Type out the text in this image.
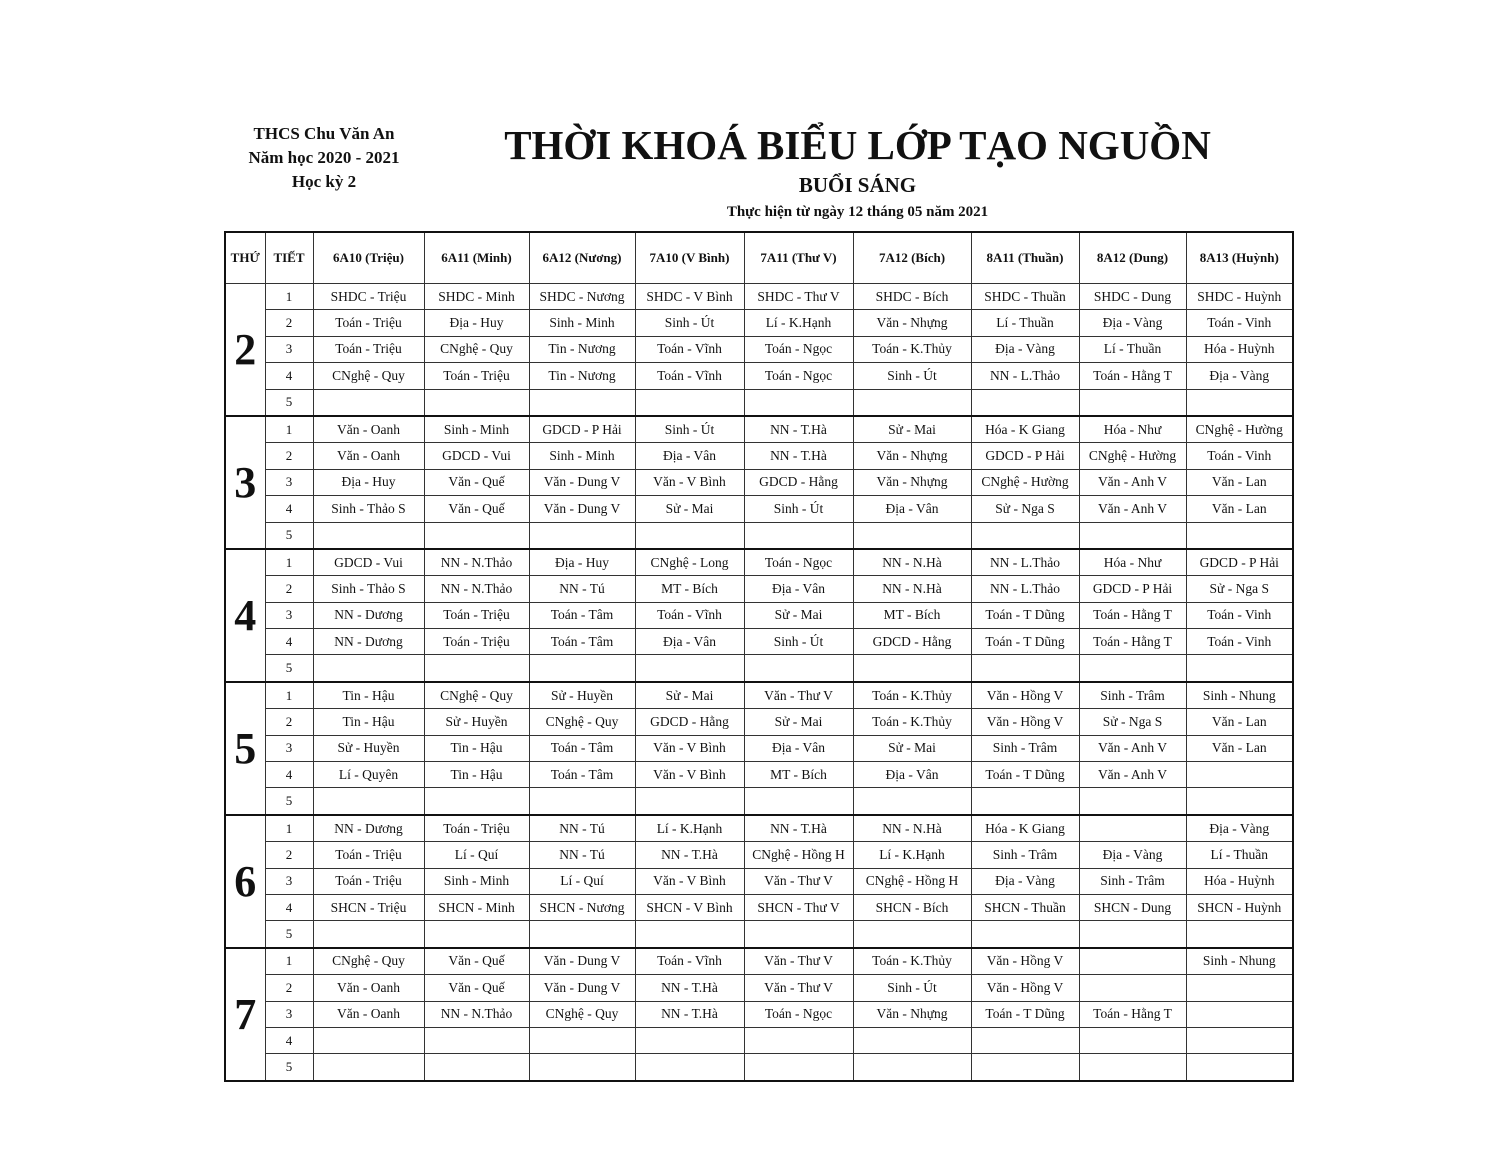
THCS Chu Văn An
Năm học 2020 - 2021
Học kỳ 2
THỜI KHOÁ BIỂU LỚP TẠO NGUỒN
BUỔI SÁNG
Thực hiện từ ngày 12 tháng 05 năm 2021
THỨ	TIẾT	6A10 (Triệu)	6A11 (Minh)	6A12 (Nương)	7A10 (V Bình)	7A11 (Thư V)	7A12 (Bích)	8A11 (Thuần)	8A12 (Dung)	8A13 (Huỳnh)
2	1	SHDC - Triệu	SHDC - Minh	SHDC - Nương	SHDC - V Bình	SHDC - Thư V	SHDC - Bích	SHDC - Thuần	SHDC - Dung	SHDC - Huỳnh
	2	Toán - Triệu	Địa - Huy	Sinh - Minh	Sinh - Út	Lí - K.Hạnh	Văn - Nhựng	Lí - Thuần	Địa - Vàng	Toán - Vinh
	3	Toán - Triệu	CNghệ - Quy	Tin - Nương	Toán - Vĩnh	Toán - Ngọc	Toán - K.Thủy	Địa - Vàng	Lí - Thuần	Hóa - Huỳnh
	4	CNghệ - Quy	Toán - Triệu	Tin - Nương	Toán - Vĩnh	Toán - Ngọc	Sinh - Út	NN - L.Thảo	Toán - Hằng T	Địa - Vàng
	5									
3	1	Văn - Oanh	Sinh - Minh	GDCD - P Hải	Sinh - Út	NN - T.Hà	Sử - Mai	Hóa - K Giang	Hóa - Như	CNghệ - Hường
	2	Văn - Oanh	GDCD - Vui	Sinh - Minh	Địa - Vân	NN - T.Hà	Văn - Nhựng	GDCD - P Hải	CNghệ - Hường	Toán - Vinh
	3	Địa - Huy	Văn - Quế	Văn - Dung V	Văn - V Bình	GDCD - Hằng	Văn - Nhựng	CNghệ - Hường	Văn - Anh V	Văn - Lan
	4	Sinh - Thảo S	Văn - Quế	Văn - Dung V	Sử - Mai	Sinh - Út	Địa - Vân	Sử - Nga S	Văn - Anh V	Văn - Lan
	5									
4	1	GDCD - Vui	NN - N.Thảo	Địa - Huy	CNghệ - Long	Toán - Ngọc	NN - N.Hà	NN - L.Thảo	Hóa - Như	GDCD - P Hải
	2	Sinh - Thảo S	NN - N.Thảo	NN - Tú	MT - Bích	Địa - Vân	NN - N.Hà	NN - L.Thảo	GDCD - P Hải	Sử - Nga S
	3	NN - Dương	Toán - Triệu	Toán - Tâm	Toán - Vĩnh	Sử - Mai	MT - Bích	Toán - T Dũng	Toán - Hằng T	Toán - Vinh
	4	NN - Dương	Toán - Triệu	Toán - Tâm	Địa - Vân	Sinh - Út	GDCD - Hằng	Toán - T Dũng	Toán - Hằng T	Toán - Vinh
	5									
5	1	Tin - Hậu	CNghệ - Quy	Sử - Huyền	Sử - Mai	Văn - Thư V	Toán - K.Thủy	Văn - Hồng V	Sinh - Trâm	Sinh - Nhung
	2	Tin - Hậu	Sử - Huyền	CNghệ - Quy	GDCD - Hằng	Sử - Mai	Toán - K.Thủy	Văn - Hồng V	Sử - Nga S	Văn - Lan
	3	Sử - Huyền	Tin - Hậu	Toán - Tâm	Văn - V Bình	Địa - Vân	Sử - Mai	Sinh - Trâm	Văn - Anh V	Văn - Lan
	4	Lí - Quyên	Tin - Hậu	Toán - Tâm	Văn - V Bình	MT - Bích	Địa - Vân	Toán - T Dũng	Văn - Anh V	
	5									
6	1	NN - Dương	Toán - Triệu	NN - Tú	Lí - K.Hạnh	NN - T.Hà	NN - N.Hà	Hóa - K Giang		Địa - Vàng
	2	Toán - Triệu	Lí - Quí	NN - Tú	NN - T.Hà	CNghệ - Hồng H	Lí - K.Hạnh	Sinh - Trâm	Địa - Vàng	Lí - Thuần
	3	Toán - Triệu	Sinh - Minh	Lí - Quí	Văn - V Bình	Văn - Thư V	CNghệ - Hồng H	Địa - Vàng	Sinh - Trâm	Hóa - Huỳnh
	4	SHCN - Triệu	SHCN - Minh	SHCN - Nương	SHCN - V Bình	SHCN - Thư V	SHCN - Bích	SHCN - Thuần	SHCN - Dung	SHCN - Huỳnh
	5									
7	1	CNghệ - Quy	Văn - Quế	Văn - Dung V	Toán - Vĩnh	Văn - Thư V	Toán - K.Thủy	Văn - Hồng V		Sinh - Nhung
	2	Văn - Oanh	Văn - Quế	Văn - Dung V	NN - T.Hà	Văn - Thư V	Sinh - Út	Văn - Hồng V		
	3	Văn - Oanh	NN - N.Thảo	CNghệ - Quy	NN - T.Hà	Toán - Ngọc	Văn - Nhựng	Toán - T Dũng	Toán - Hằng T	
	4									
	5									
